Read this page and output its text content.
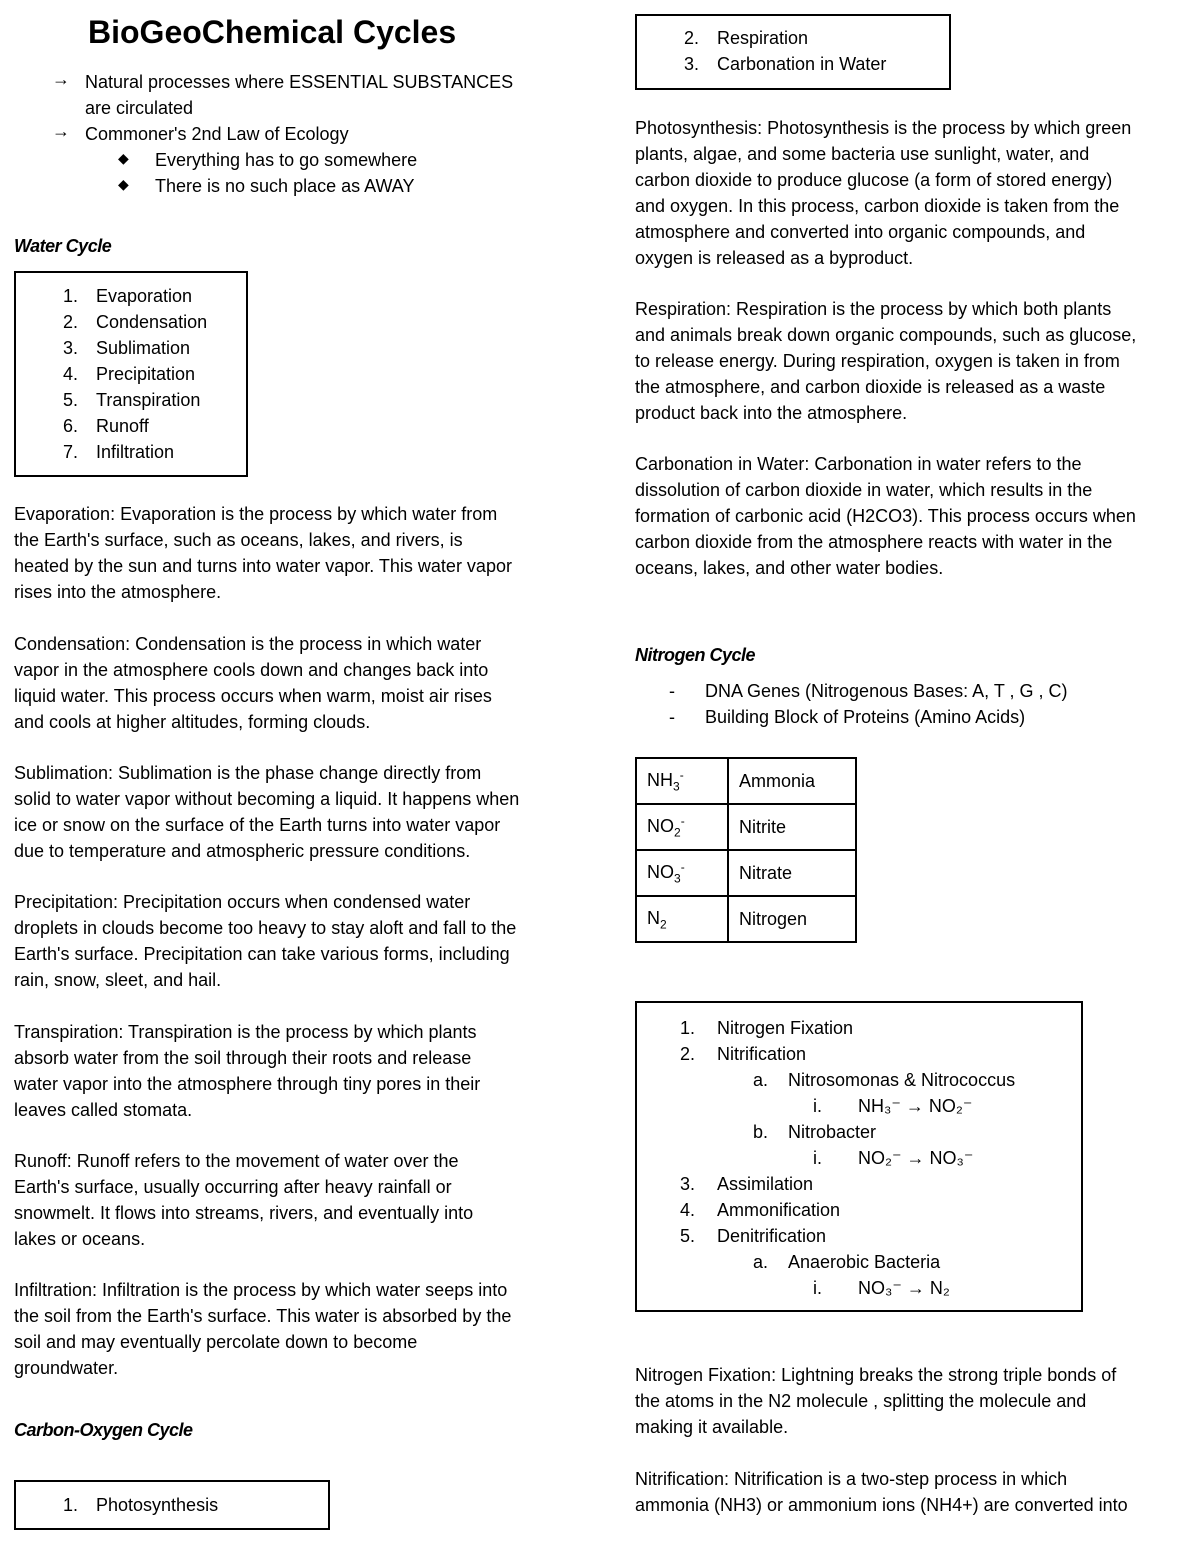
BioGeoChemical Cycles
→ Natural processes where ESSENTIAL SUBSTANCES
are circulated
→ Commoner's 2nd Law of Ecology
◆ Everything has to go somewhere
◆ There is no such place as AWAY
Water Cycle
1. Evaporation
2. Condensation
3. Sublimation
4. Precipitation
5. Transpiration
6. Runoff
7. Infiltration
Evaporation: Evaporation is the process by which water from
the Earth's surface, such as oceans, lakes, and rivers, is
heated by the sun and turns into water vapor. This water vapor
rises into the atmosphere.
Condensation: Condensation is the process in which water
vapor in the atmosphere cools down and changes back into
liquid water. This process occurs when warm, moist air rises
and cools at higher altitudes, forming clouds.
Sublimation: Sublimation is the phase change directly from
solid to water vapor without becoming a liquid. It happens when
ice or snow on the surface of the Earth turns into water vapor
due to temperature and atmospheric pressure conditions.
Precipitation: Precipitation occurs when condensed water
droplets in clouds become too heavy to stay aloft and fall to the
Earth's surface. Precipitation can take various forms, including
rain, snow, sleet, and hail.
Transpiration: Transpiration is the process by which plants
absorb water from the soil through their roots and release
water vapor into the atmosphere through tiny pores in their
leaves called stomata.
Runoff: Runoff refers to the movement of water over the
Earth's surface, usually occurring after heavy rainfall or
snowmelt. It flows into streams, rivers, and eventually into
lakes or oceans.
Infiltration: Infiltration is the process by which water seeps into
the soil from the Earth's surface. This water is absorbed by the
soil and may eventually percolate down to become
groundwater.
Carbon-Oxygen Cycle
1. Photosynthesis
2. Respiration
3. Carbonation in Water
Photosynthesis: Photosynthesis is the process by which green
plants, algae, and some bacteria use sunlight, water, and
carbon dioxide to produce glucose (a form of stored energy)
and oxygen. In this process, carbon dioxide is taken from the
atmosphere and converted into organic compounds, and
oxygen is released as a byproduct.
Respiration: Respiration is the process by which both plants
and animals break down organic compounds, such as glucose,
to release energy. During respiration, oxygen is taken in from
the atmosphere, and carbon dioxide is released as a waste
product back into the atmosphere.
Carbonation in Water: Carbonation in water refers to the
dissolution of carbon dioxide in water, which results in the
formation of carbonic acid (H2CO3). This process occurs when
carbon dioxide from the atmosphere reacts with water in the
oceans, lakes, and other water bodies.
Nitrogen Cycle
- DNA Genes (Nitrogenous Bases: A, T , G , C)
- Building Block of Proteins (Amino Acids)
$NH_3^-$	Ammonia
$NO_2^-$	Nitrite
$NO_3^-$	Nitrate
$N_2$	Nitrogen
1. Nitrogen Fixation
2. Nitrification
a. Nitrosomonas & Nitrococcus
i. NH₃⁻ → NO₂⁻
b. Nitrobacter
i. NO₂⁻ → NO₃⁻
3. Assimilation
4. Ammonification
5. Denitrification
a. Anaerobic Bacteria
i. NO₃⁻ → N₂
Nitrogen Fixation: Lightning breaks the strong triple bonds of
the atoms in the N2 molecule , splitting the molecule and
making it available.
Nitrification: Nitrification is a two-step process in which
ammonia (NH3) or ammonium ions (NH4+) are converted into
